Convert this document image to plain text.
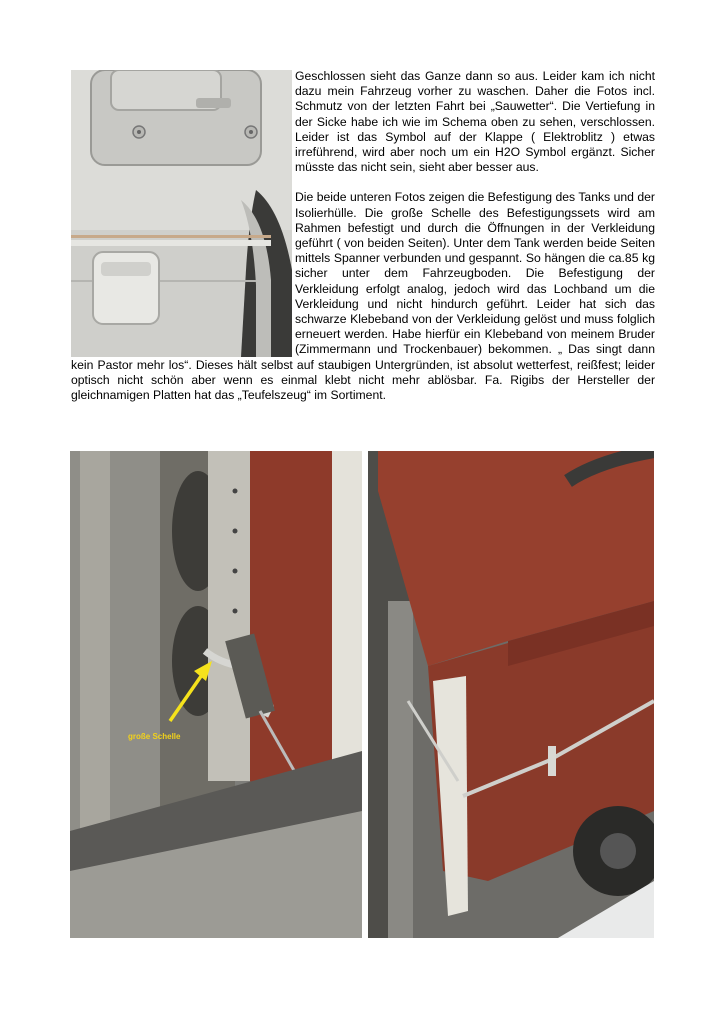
Geschlossen sieht das Ganze dann so aus. Leider kam ich nicht dazu mein Fahrzeug vorher zu waschen. Daher die Fotos incl. Schmutz von der letzten Fahrt bei „Sauwetter“. Die Vertiefung in der Sicke habe ich wie im Schema oben zu sehen, verschlossen. Leider ist das Symbol auf der Klappe ( Elektroblitz ) etwas irreführend, wird aber noch um ein H2O Symbol ergänzt. Sicher müsste das nicht sein, sieht aber besser aus.

Die beide unteren Fotos zeigen die Befestigung des Tanks und der Isolierhülle. Die große Schelle des Befestigungssets wird am Rahmen befestigt und durch die Öffnungen in der Verkleidung geführt ( von beiden Seiten). Unter dem Tank werden beide Seiten mittels Spanner verbunden und gespannt. So hängen die ca.85 kg sicher unter dem Fahrzeugboden. Die Befestigung der Verkleidung erfolgt analog, jedoch wird das Lochband um die Verkleidung und nicht hindurch geführt. Leider hat sich das schwarze Klebeband von der Verkleidung gelöst und muss folglich erneuert werden. Habe hierfür ein Klebeband von meinem Bruder (Zimmermann und Trockenbauer) bekommen. „ Das singt dann kein Pastor mehr los“. Dieses hält selbst auf staubigen Untergründen, ist absolut wetterfest, reißfest; leider optisch nicht schön aber wenn es einmal klebt nicht mehr ablösbar. Fa. Rigibs der Hersteller der gleichnamigen Platten hat das „Teufelszeug“ im Sortiment.

große Schelle
